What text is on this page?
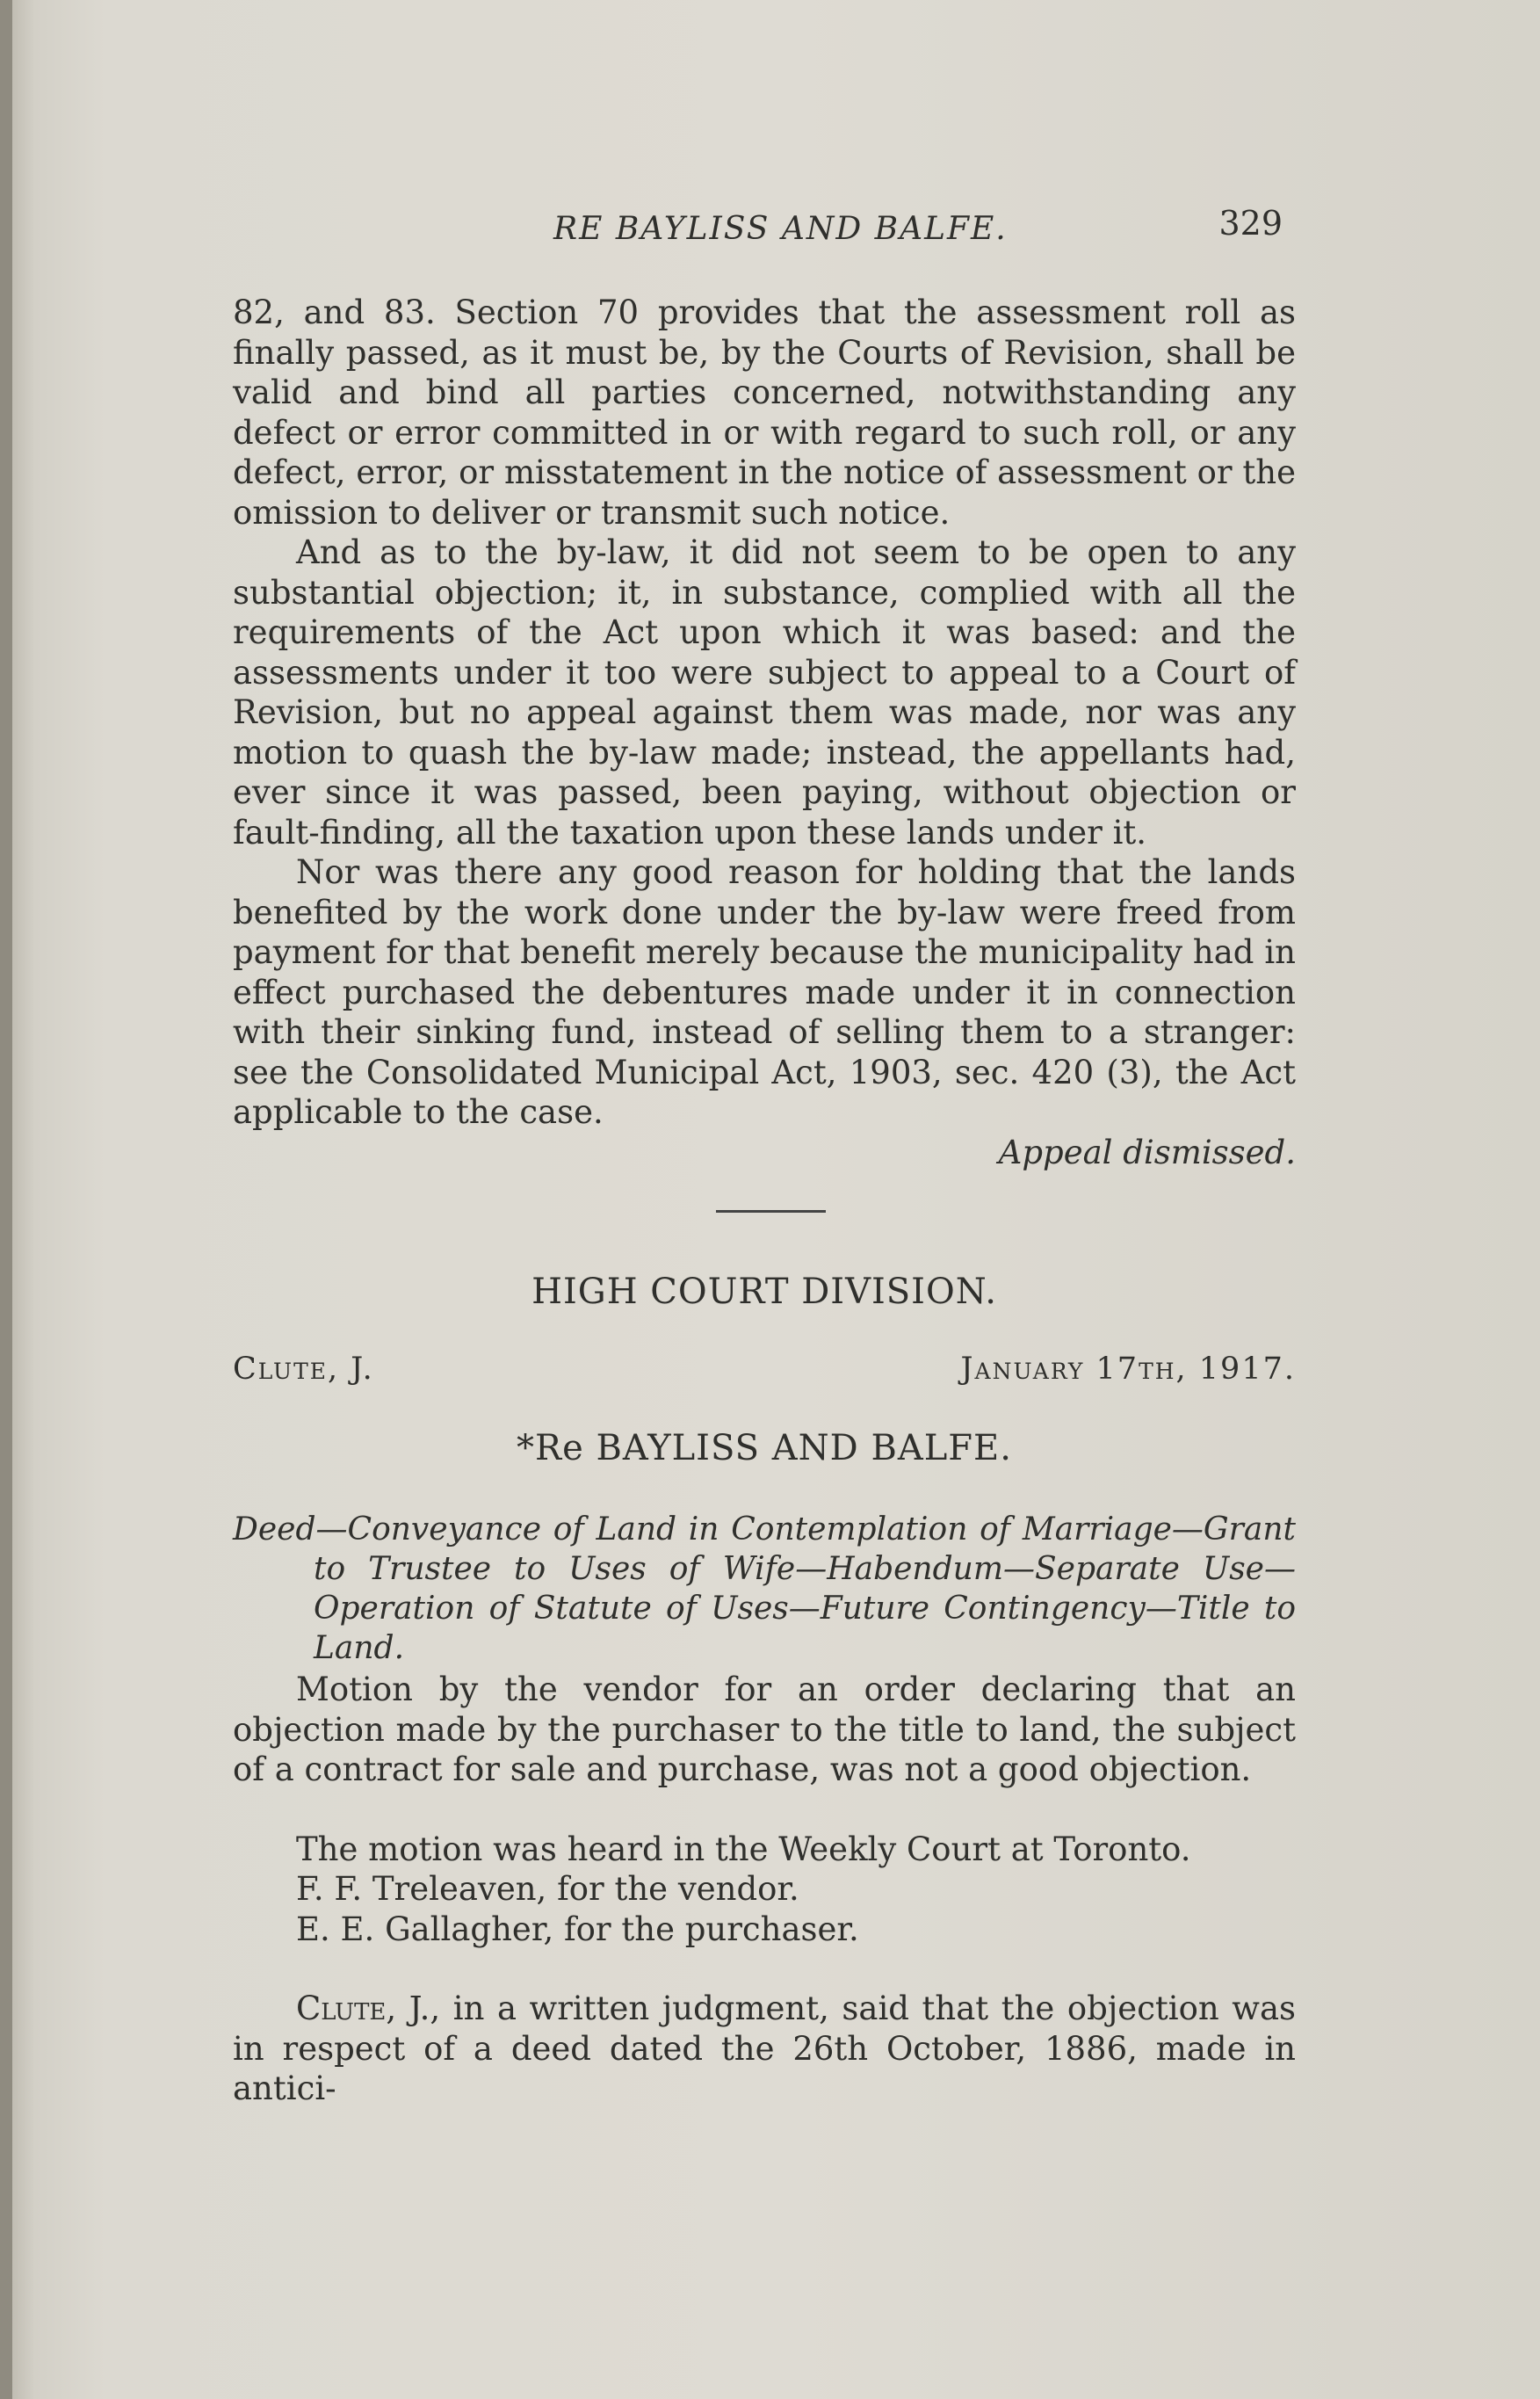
RE BAYLISS AND BALFE.	329

82, and 83. Section 70 provides that the assessment roll as finally passed, as it must be, by the Courts of Revision, shall be valid and bind all parties concerned, notwithstanding any defect or error committed in or with regard to such roll, or any defect, error, or misstatement in the notice of assessment or the omission to deliver or transmit such notice.

And as to the by-law, it did not seem to be open to any substantial objection; it, in substance, complied with all the requirements of the Act upon which it was based: and the assessments under it too were subject to appeal to a Court of Revision, but no appeal against them was made, nor was any motion to quash the by-law made; instead, the appellants had, ever since it was passed, been paying, without objection or fault-finding, all the taxation upon these lands under it.

Nor was there any good reason for holding that the lands benefited by the work done under the by-law were freed from payment for that benefit merely because the municipality had in effect purchased the debentures made under it in connection with their sinking fund, instead of selling them to a stranger: see the Consolidated Municipal Act, 1903, sec. 420 (3), the Act applicable to the case.

Appeal dismissed.

HIGH COURT DIVISION.
Clute, J.	January 17th, 1917.
*Re BAYLISS AND BALFE.
Deed—Conveyance of Land in Contemplation of Marriage—Grant to Trustee to Uses of Wife—Habendum—Separate Use—Operation of Statute of Uses—Future Contingency—Title to Land.

Motion by the vendor for an order declaring that an objection made by the purchaser to the title to land, the subject of a contract for sale and purchase, was not a good objection.

The motion was heard in the Weekly Court at Toronto.

F. F. Treleaven, for the vendor.

E. E. Gallagher, for the purchaser.

Clute, J., in a written judgment, said that the objection was in respect of a deed dated the 26th October, 1886, made in antici-
